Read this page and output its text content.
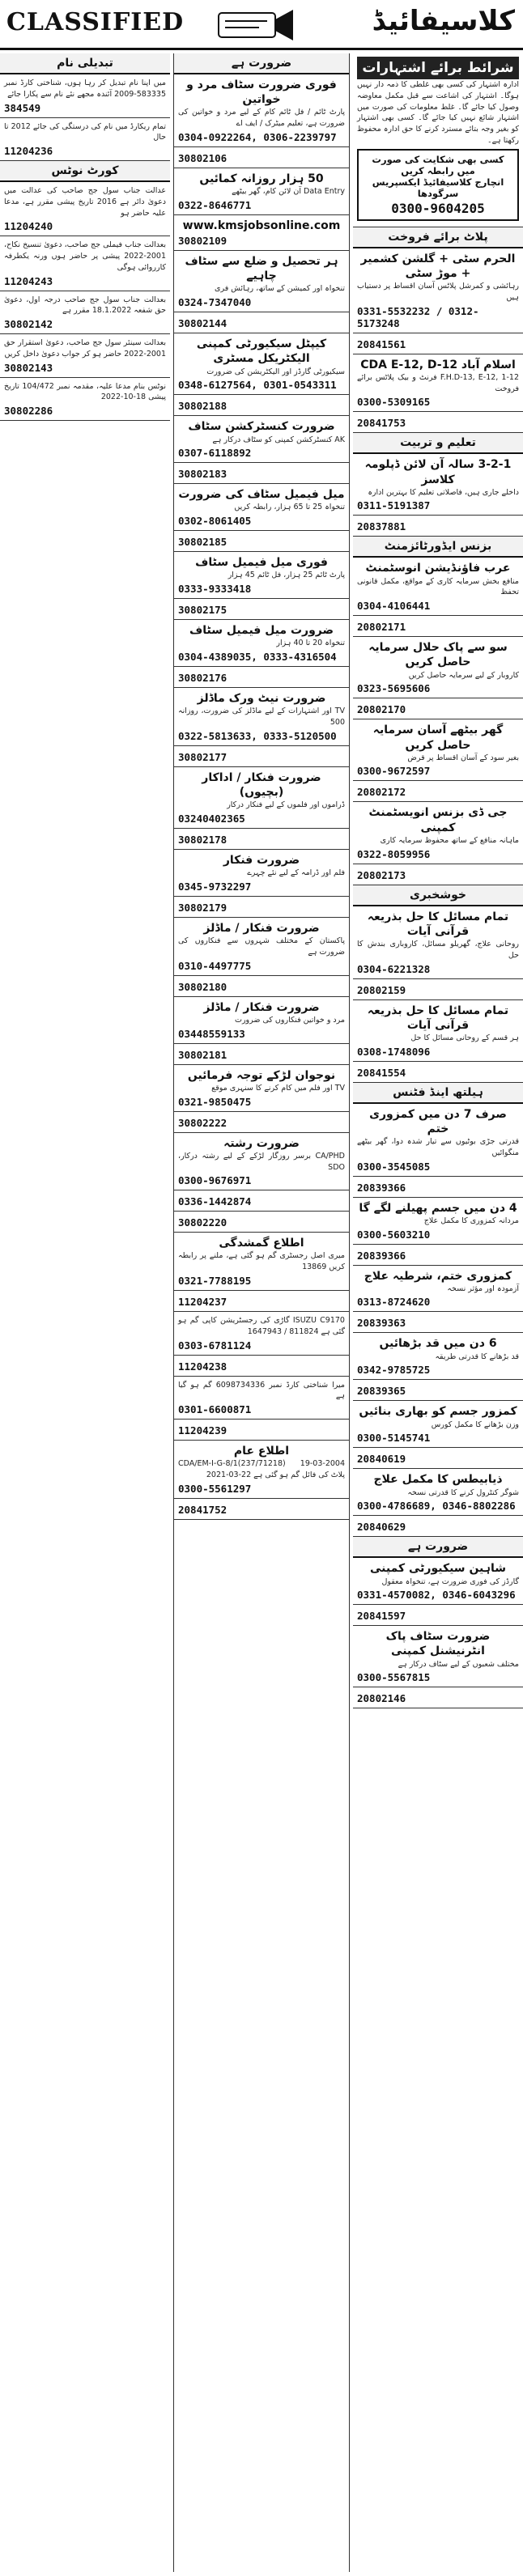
CLASSIFIED	کلاسیفائیڈ
شرائط برائے اشتہارات
ادارہ اشتہار کی کسی بھی غلطی کا ذمہ دار نہیں ہوگا۔ اشتہار کی اشاعت سے قبل مکمل معاوضہ وصول کیا جائے گا۔ غلط معلومات کی صورت میں اشتہار شائع نہیں کیا جائے گا۔ کسی بھی اشتہار کو بغیر وجہ بتائے مسترد کرنے کا حق ادارہ محفوظ رکھتا ہے۔
کسی بھی شکایت کی صورت میں رابطہ کریں
انچارج کلاسیفائیڈ ایکسپریس سرگودھا
0300-9604205
پلاٹ برائے فروخت
الحرم سٹی + گلشن کشمیر + موڑ سٹی
رہائشی و کمرشل پلاٹس آسان اقساط پر دستیاب ہیں
0331-5532232 / 0312-5173248
20841561
اسلام آباد CDA E-12, D-12
F.H.D-13, E-12, 1-12 فرنٹ و بیک پلاٹس برائے فروخت
0300-5309165
20841753
تعلیم و تربیت
3-2-1 سالہ آن لائن ڈپلومہ کلاسز
داخلے جاری ہیں، فاصلاتی تعلیم کا بہترین ادارہ
0311-5191387
20837881
بزنس ایڈورٹائزمنٹ
عرب فاؤنڈیشن انوسٹمنٹ
منافع بخش سرمایہ کاری کے مواقع، مکمل قانونی تحفظ
0304-4106441
20802171
سو سے پاک حلال سرمایہ حاصل کریں
کاروبار کے لیے سرمایہ حاصل کریں
0323-5695606
20802170
گھر بیٹھے آسان سرمایہ حاصل کریں
بغیر سود کے آسان اقساط پر قرض
0300-9672597
20802172
جی ڈی بزنس انویسٹمنٹ کمپنی
ماہانہ منافع کے ساتھ محفوظ سرمایہ کاری
0322-8059956
20802173
خوشخبری
تمام مسائل کا حل بذریعہ قرآنی آیات
روحانی علاج، گھریلو مسائل، کاروباری بندش کا حل
0304-6221328
20802159
تمام مسائل کا حل بذریعہ قرآنی آیات
ہر قسم کے روحانی مسائل کا حل
0308-1748096
20841554
ہیلتھ اینڈ فٹنس
صرف 7 دن میں کمزوری ختم
قدرتی جڑی بوٹیوں سے تیار شدہ دوا، گھر بیٹھے منگوائیں
0300-3545085
20839366
4 دن میں جسم پھیلنے لگے گا
مردانہ کمزوری کا مکمل علاج
0300-5603210
20839366
کمزوری ختم، شرطیہ علاج
آزمودہ اور مؤثر نسخہ
0313-8724620
20839363
6 دن میں قد بڑھائیں
قد بڑھانے کا قدرتی طریقہ
0342-9785725
20839365
کمزور جسم کو بھاری بنائیں
وزن بڑھانے کا مکمل کورس
0300-5145741
20840619
ذیابیطس کا مکمل علاج
شوگر کنٹرول کرنے کا قدرتی نسخہ
0300-4786689, 0346-8802286
20840629
ضرورت ہے
شاہین سیکیورٹی کمپنی
گارڈز کی فوری ضرورت ہے، تنخواہ معقول
0331-4570082, 0346-6043296
20841597
ضرورت سٹاف پاک انٹرنیشنل کمپنی
مختلف شعبوں کے لیے سٹاف درکار ہے
0300-5567815
20802146
ضرورت ہے
فوری ضرورت سٹاف مرد و خواتین
پارٹ ٹائم / فل ٹائم کام کے لیے مرد و خواتین کی ضرورت ہے، تعلیم میٹرک / ایف اے
0304-0922264, 0306-2239797
30802106
50 ہزار روزانہ کمائیں
Data Entry آن لائن کام، گھر بیٹھے
0322-8646771
www.kmsjobsonline.com
30802109
ہر تحصیل و ضلع سے سٹاف چاہیے
تنخواہ اور کمیشن کے ساتھ، رہائش فری
0324-7347040
30802144
کیپٹل سیکیورٹی کمپنی الیکٹریکل مسٹری
سیکیورٹی گارڈز اور الیکٹریشن کی ضرورت
0348-6127564, 0301-0543311
30802188
ضرورت کنسٹرکشن سٹاف
AK کنسٹرکشن کمپنی کو سٹاف درکار ہے
0307-6118892
30802183
میل فیمیل سٹاف کی ضرورت
تنخواہ 25 تا 65 ہزار، رابطہ کریں
0302-8061405
30802185
فوری میل فیمیل سٹاف
پارٹ ٹائم 25 ہزار، فل ٹائم 45 ہزار
0333-9333418
30802175
ضرورت میل فیمیل سٹاف
تنخواہ 20 تا 40 ہزار
0304-4389035, 0333-4316504
30802176
ضرورت نیٹ ورک ماڈلز
TV اور اشتہارات کے لیے ماڈلز کی ضرورت، روزانہ 500
0322-5813633, 0333-5120500
30802177
ضرورت فنکار / اداکار (بچیوں)
ڈراموں اور فلموں کے لیے فنکار درکار
03240402365
30802178
ضرورت فنکار
فلم اور ڈرامہ کے لیے نئے چہرے
0345-9732297
30802179
ضرورت فنکار / ماڈلز
پاکستان کے مختلف شہروں سے فنکاروں کی ضرورت ہے
0310-4497775
30802180
ضرورت فنکار / ماڈلز
مرد و خواتین فنکاروں کی ضرورت
03448559133
30802181
نوجوان لڑکے توجہ فرمائیں
TV اور فلم میں کام کرنے کا سنہری موقع
0321-9850475
30802222
ضرورت رشتہ
CA/PHD برسر روزگار لڑکے کے لیے رشتہ درکار، SDO
0300-9676971
0336-1442874
30802220
اطلاع گمشدگی
میری اصل رجسٹری گم ہو گئی ہے، ملنے پر رابطہ کریں 13869
0321-7788195
11204237
ISUZU C9170 گاڑی کی رجسٹریشن کاپی گم ہو گئی ہے 811824 / 1647943
0303-6781124
11204238
میرا شناختی کارڈ نمبر 6098734336 گم ہو گیا ہے
0301-6600871
11204239
اطلاع عام
CDA/EM-I-G-8/1(237/71218) 19-03-2004 پلاٹ کی فائل گم ہو گئی ہے 22-03-2021
0300-5561297
20841752
تبدیلی نام
میں اپنا نام تبدیل کر رہا ہوں، شناختی کارڈ نمبر 583335-2009 آئندہ مجھے نئے نام سے پکارا جائے
384549
تمام ریکارڈ میں نام کی درستگی کی جائے 2012 تا حال
11204236
کورٹ نوٹس
عدالت جناب سول جج صاحب کی عدالت میں دعویٰ دائر ہے 2016 تاریخ پیشی مقرر ہے، مدعا علیہ حاضر ہو
11204240
بعدالت جناب فیملی جج صاحب، دعویٰ تنسیخ نکاح، 2001-2022 پیشی پر حاضر ہوں ورنہ یکطرفہ کارروائی ہوگی
11204243
بعدالت جناب سول جج صاحب درجہ اول، دعویٰ حق شفعہ 18.1.2022 مقرر ہے
30802142
بعدالت سینئر سول جج صاحب، دعویٰ استقرار حق 2001-2022 حاضر ہو کر جواب دعویٰ داخل کریں
30802143
نوٹس بنام مدعا علیہ، مقدمہ نمبر 104/472 تاریخ پیشی 18-10-2022
30802286
